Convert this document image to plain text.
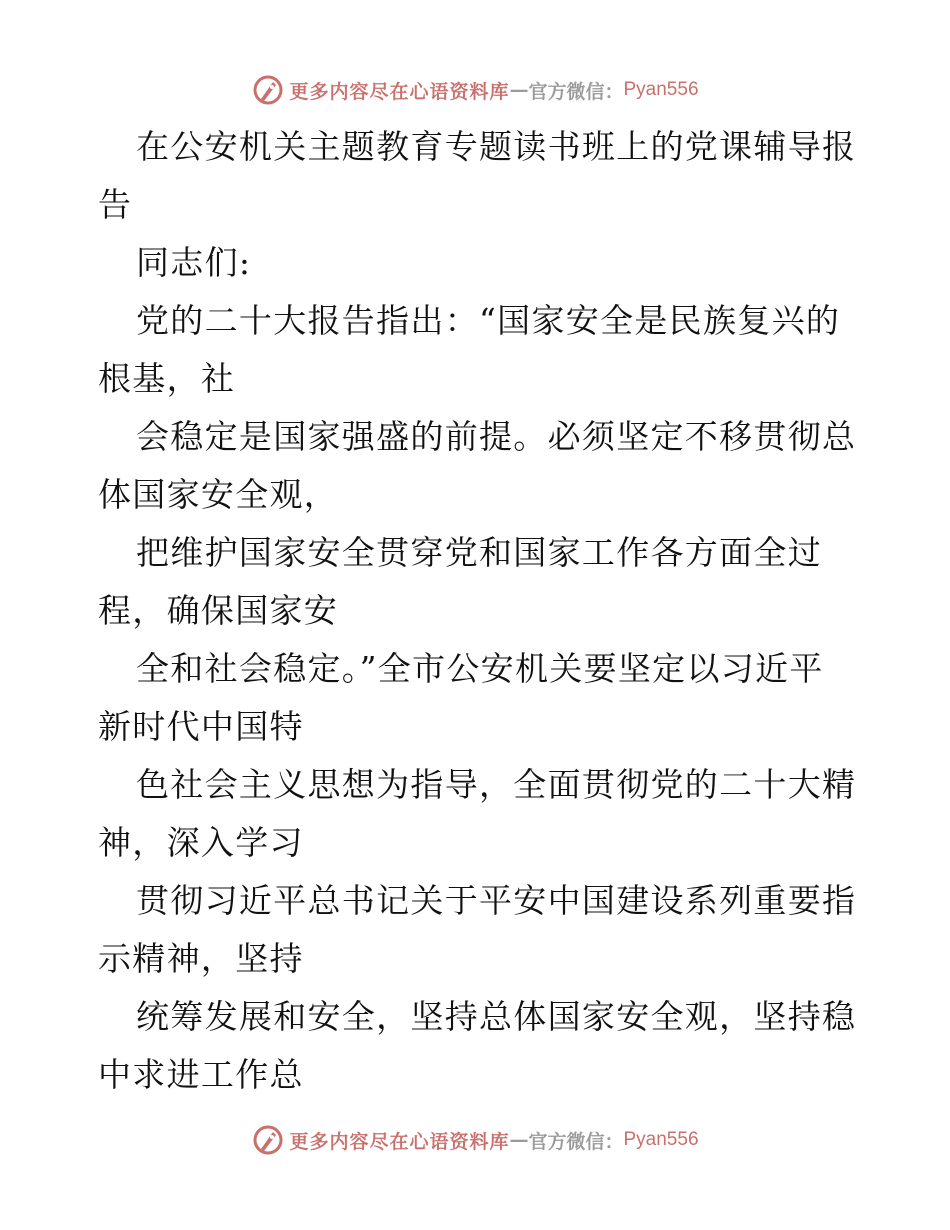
更多内容尽在心语资料库 — 官方微信： Pyan556
在公安机关主题教育专题读书班上的党课辅导报
告
同志们:
党的二十大报告指出：“国家安全是民族复兴的
根基，社
会稳定是国家强盛的前提。必须坚定不移贯彻总
体国家安全观，
把维护国家安全贯穿党和国家工作各方面全过
程，确保国家安
全和社会稳定。”全市公安机关要坚定以习近平
新时代中国特
色社会主义思想为指导，全面贯彻党的二十大精
神，深入学习
贯彻习近平总书记关于平安中国建设系列重要指
示精神，坚持
统筹发展和安全，坚持总体国家安全观，坚持稳
中求进工作总
更多内容尽在心语资料库 — 官方微信： Pyan556
